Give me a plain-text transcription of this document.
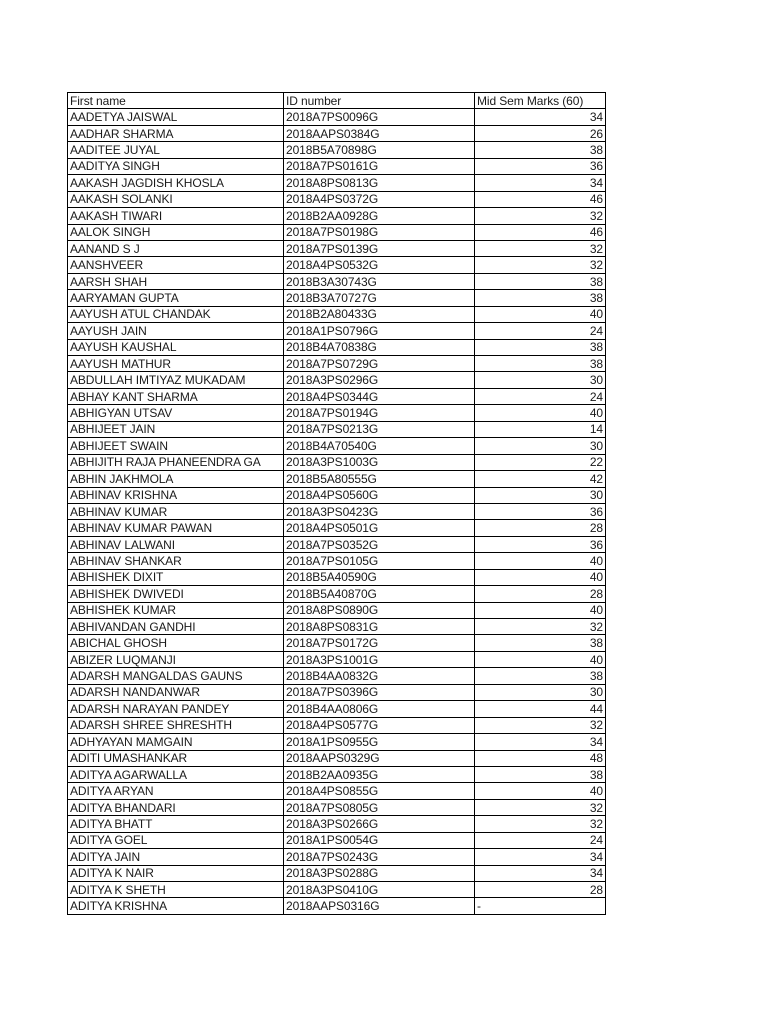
First name	ID number	Mid Sem Marks (60)
AADETYA JAISWAL	2018A7PS0096G	34
AADHAR SHARMA	2018AAPS0384G	26
AADITEE JUYAL	2018B5A70898G	38
AADITYA SINGH	2018A7PS0161G	36
AAKASH JAGDISH KHOSLA	2018A8PS0813G	34
AAKASH SOLANKI	2018A4PS0372G	46
AAKASH TIWARI	2018B2AA0928G	32
AALOK SINGH	2018A7PS0198G	46
AANAND S J	2018A7PS0139G	32
AANSHVEER	2018A4PS0532G	32
AARSH SHAH	2018B3A30743G	38
AARYAMAN GUPTA	2018B3A70727G	38
AAYUSH ATUL CHANDAK	2018B2A80433G	40
AAYUSH JAIN	2018A1PS0796G	24
AAYUSH KAUSHAL	2018B4A70838G	38
AAYUSH MATHUR	2018A7PS0729G	38
ABDULLAH IMTIYAZ MUKADAM	2018A3PS0296G	30
ABHAY KANT SHARMA	2018A4PS0344G	24
ABHIGYAN UTSAV	2018A7PS0194G	40
ABHIJEET JAIN	2018A7PS0213G	14
ABHIJEET SWAIN	2018B4A70540G	30
ABHIJITH RAJA PHANEENDRA GA	2018A3PS1003G	22
ABHIN JAKHMOLA	2018B5A80555G	42
ABHINAV KRISHNA	2018A4PS0560G	30
ABHINAV KUMAR	2018A3PS0423G	36
ABHINAV KUMAR PAWAN	2018A4PS0501G	28
ABHINAV LALWANI	2018A7PS0352G	36
ABHINAV SHANKAR	2018A7PS0105G	40
ABHISHEK DIXIT	2018B5A40590G	40
ABHISHEK DWIVEDI	2018B5A40870G	28
ABHISHEK KUMAR	2018A8PS0890G	40
ABHIVANDAN GANDHI	2018A8PS0831G	32
ABICHAL GHOSH	2018A7PS0172G	38
ABIZER LUQMANJI	2018A3PS1001G	40
ADARSH MANGALDAS GAUNS	2018B4AA0832G	38
ADARSH NANDANWAR	2018A7PS0396G	30
ADARSH NARAYAN PANDEY	2018B4AA0806G	44
ADARSH SHREE SHRESHTH	2018A4PS0577G	32
ADHYAYAN MAMGAIN	2018A1PS0955G	34
ADITI UMASHANKAR	2018AAPS0329G	48
ADITYA AGARWALLA	2018B2AA0935G	38
ADITYA ARYAN	2018A4PS0855G	40
ADITYA BHANDARI	2018A7PS0805G	32
ADITYA BHATT	2018A3PS0266G	32
ADITYA GOEL	2018A1PS0054G	24
ADITYA JAIN	2018A7PS0243G	34
ADITYA K NAIR	2018A3PS0288G	34
ADITYA K SHETH	2018A3PS0410G	28
ADITYA KRISHNA	2018AAPS0316G	-
